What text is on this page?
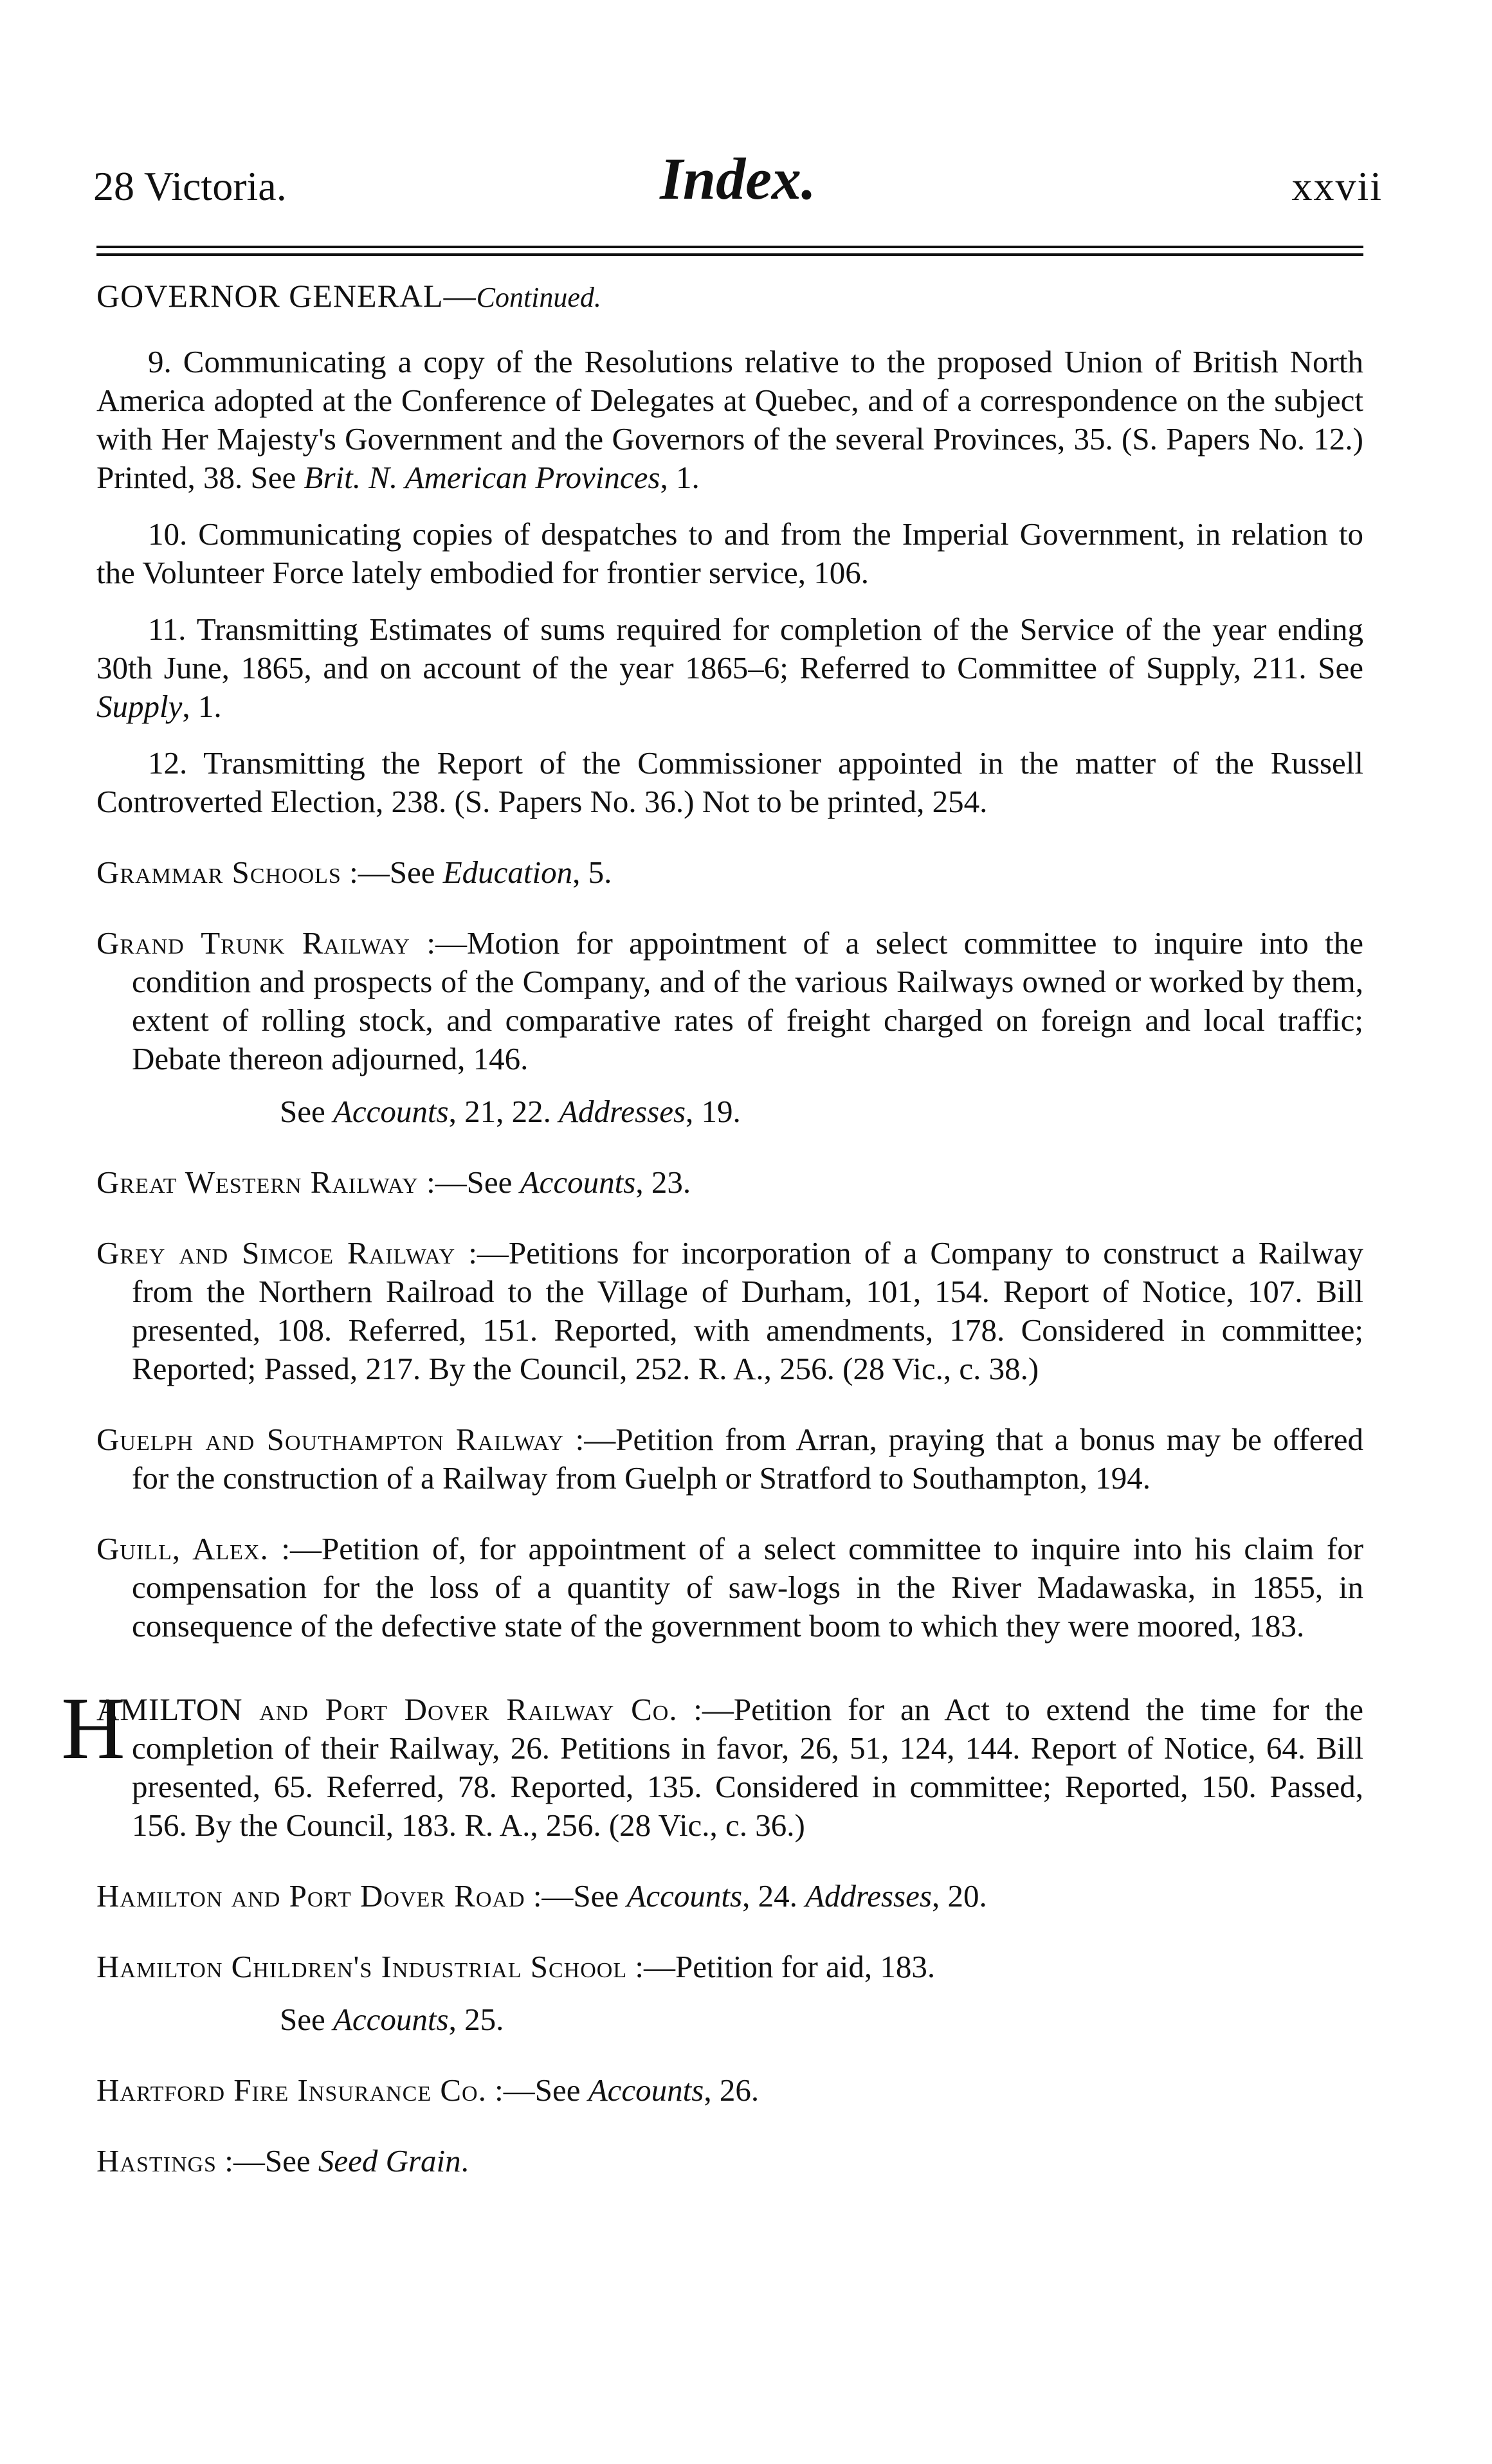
28 Victoria.	Index.	xxvii
GOVERNOR GENERAL—Continued.

9. Communicating a copy of the Resolutions relative to the proposed Union of British North America adopted at the Conference of Delegates at Quebec, and of a correspondence on the subject with Her Majesty's Government and the Governors of the several Provinces, 35. (S. Papers No. 12.) Printed, 38. See Brit. N. American Provinces, 1.

10. Communicating copies of despatches to and from the Imperial Government, in relation to the Volunteer Force lately embodied for frontier service, 106.

11. Transmitting Estimates of sums required for completion of the Service of the year ending 30th June, 1865, and on account of the year 1865–6; Referred to Committee of Supply, 211. See Supply, 1.

12. Transmitting the Report of the Commissioner appointed in the matter of the Russell Controverted Election, 238. (S. Papers No. 36.) Not to be printed, 254.

Grammar Schools :—See Education, 5.

Grand Trunk Railway :—Motion for appointment of a select committee to inquire into the condition and prospects of the Company, and of the various Railways owned or worked by them, extent of rolling stock, and comparative rates of freight charged on foreign and local traffic; Debate thereon adjourned, 146.

See Accounts, 21, 22. Addresses, 19.

Great Western Railway :—See Accounts, 23.

Grey and Simcoe Railway :—Petitions for incorporation of a Company to construct a Railway from the Northern Railroad to the Village of Durham, 101, 154. Report of Notice, 107. Bill presented, 108. Referred, 151. Reported, with amendments, 178. Considered in committee; Reported; Passed, 217. By the Council, 252. R. A., 256. (28 Vic., c. 38.)

Guelph and Southampton Railway :—Petition from Arran, praying that a bonus may be offered for the construction of a Railway from Guelph or Stratford to Southampton, 194.

Guill, Alex. :—Petition of, for appointment of a select committee to inquire into his claim for compensation for the loss of a quantity of saw-logs in the River Madawaska, in 1855, in consequence of the defective state of the government boom to which they were moored, 183.

H
AMILTON and Port Dover Railway Co. :—Petition for an Act to extend the time for the completion of their Railway, 26. Petitions in favor, 26, 51, 124, 144. Report of Notice, 64. Bill presented, 65. Referred, 78. Reported, 135. Considered in committee; Reported, 150. Passed, 156. By the Council, 183. R. A., 256. (28 Vic., c. 36.)

Hamilton and Port Dover Road :—See Accounts, 24. Addresses, 20.

Hamilton Children's Industrial School :—Petition for aid, 183.

See Accounts, 25.

Hartford Fire Insurance Co. :—See Accounts, 26.

Hastings :—See Seed Grain.
